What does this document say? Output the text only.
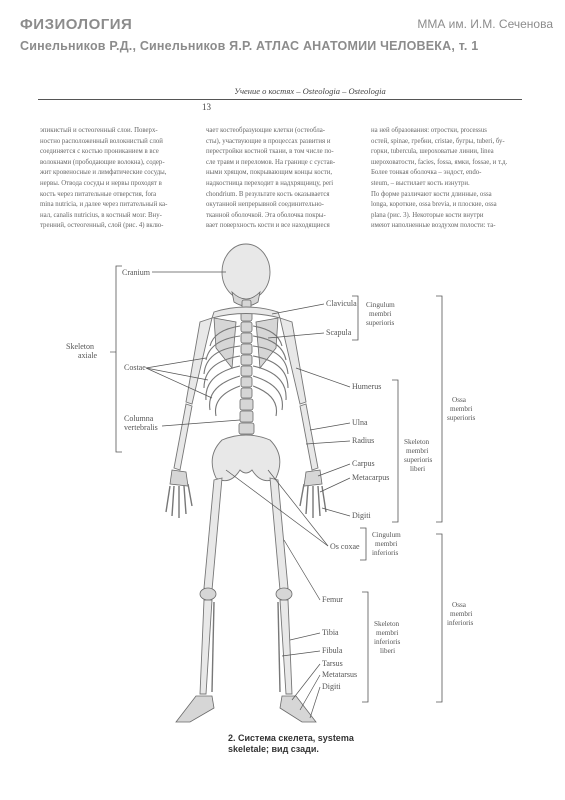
ФИЗИОЛОГИЯ	ММА им. И.М. Сеченова
Синельников Р.Д., Синельников Я.Р. АТЛАС АНАТОМИИ ЧЕЛОВЕКА, т. 1
Учение о костях – Osteologia – Osteologia
13

эпикистый и остеогенный слои. Поверх-

ностно расположенный волокнистый слой

соединяется с костью прониканием в все

волокнами (прободающие волокна), содер-

жит кровеносные и лимфатические сосуды,

нервы. Отвода сосуды и нервы проходят в

кость через питательные отверстия, fora

mina nutricia, и далее через питательный ка-

нал, canalis nutricius, в костный мозг. Вну-

тренний, остеогенный, слой (рис. 4) вклю-

чает костеобразующие клетки (остеобла-

сты), участвующие в процессах развития и

перестройки костной ткани, в том числе по-

сле травм и переломов. На границе с сустав-

ными хрящом, покрывающим концы кости,

надкостница переходит в надхрящницу, peri

chondrium. В результате кость оказывается

окутанной непрерывной соединительно-

тканной оболочкой. Эта оболочка покры-

вает поверхность кости и все находящиеся

на ней образования: отростки, processus

остей, spinae, гребни, cristae, бугры, tuberi, бу-

горки, tubercula, шероховатые линии, linea

шероховатости, facies, fossa, ямки, fossae, и т.д.

Более тонкая оболочка – эндост, endo-

steum, – выстилает кость изнутри.

По форме различают кости длинные, ossa

longa, короткие, ossa brevia, и плоские, ossa

plana (рис. 3). Некоторые кости внутри

имеют наполненные воздухом полости: та-

Cranium
Skeleton
axiale
Costae
Columna
vertebralis
Clavicula
Scapula
Cingulum
membri
superioris
Humerus
Ulna
Radius
Carpus
Metacarpus
Digiti
Skeleton
membri
superioris
liberi
Ossa
membri
superioris
Os coxae
Cingulum
membri
inferioris
Femur
Tibia
Fibula
Tarsus
Metatarsus
Digiti
Skeleton
membri
inferioris
liberi
Ossa
membri
inferioris
2. Система скелета, systema
skeletale; вид сзади.
